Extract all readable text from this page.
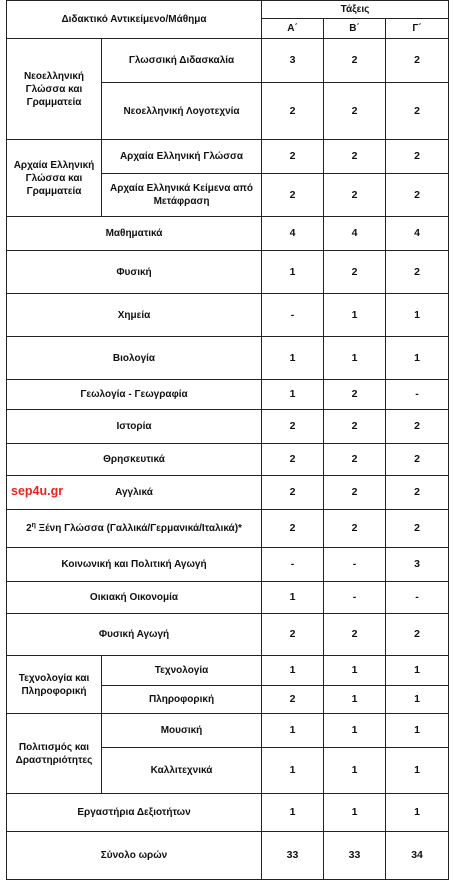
Διδακτικό Αντικείμενο/Μάθημα		Τάξεις		
		Α΄	Β΄	Γ΄
Νεοελληνική Γλώσσα και Γραμματεία	Γλωσσική Διδασκαλία	3	2	2
	Νεοελληνική Λογοτεχνία	2	2	2
Αρχαία Ελληνική Γλώσσα και Γραμματεία	Αρχαία Ελληνική Γλώσσα	2	2	2
	Αρχαία Ελληνικά Κείμενα από Μετάφραση	2	2	2
Μαθηματικά		4	4	4
Φυσική		1	2	2
Χημεία		-	1	1
Βιολογία		1	1	1
Γεωλογία - Γεωγραφία		1	2	-
Ιστορία		2	2	2
Θρησκευτικά		2	2	2
Αγγλικά		2	2	2
$2^\eta$ Ξένη Γλώσσα (Γαλλικά/Γερμανικά/Ιταλικά)*		2	2	2
Κοινωνική και Πολιτική Αγωγή		-	-	3
Οικιακή Οικονομία		1	-	-
Φυσική Αγωγή		2	2	2
Τεχνολογία και Πληροφορική	Τεχνολογία	1	1	1
	Πληροφορική	2	1	1
Πολιτισμός και Δραστηριότητες	Μουσική	1	1	1
	Καλλιτεχνικά	1	1	1
Εργαστήρια Δεξιοτήτων		1	1	1
Σύνολο ωρών		33	33	34
sep4u.gr
